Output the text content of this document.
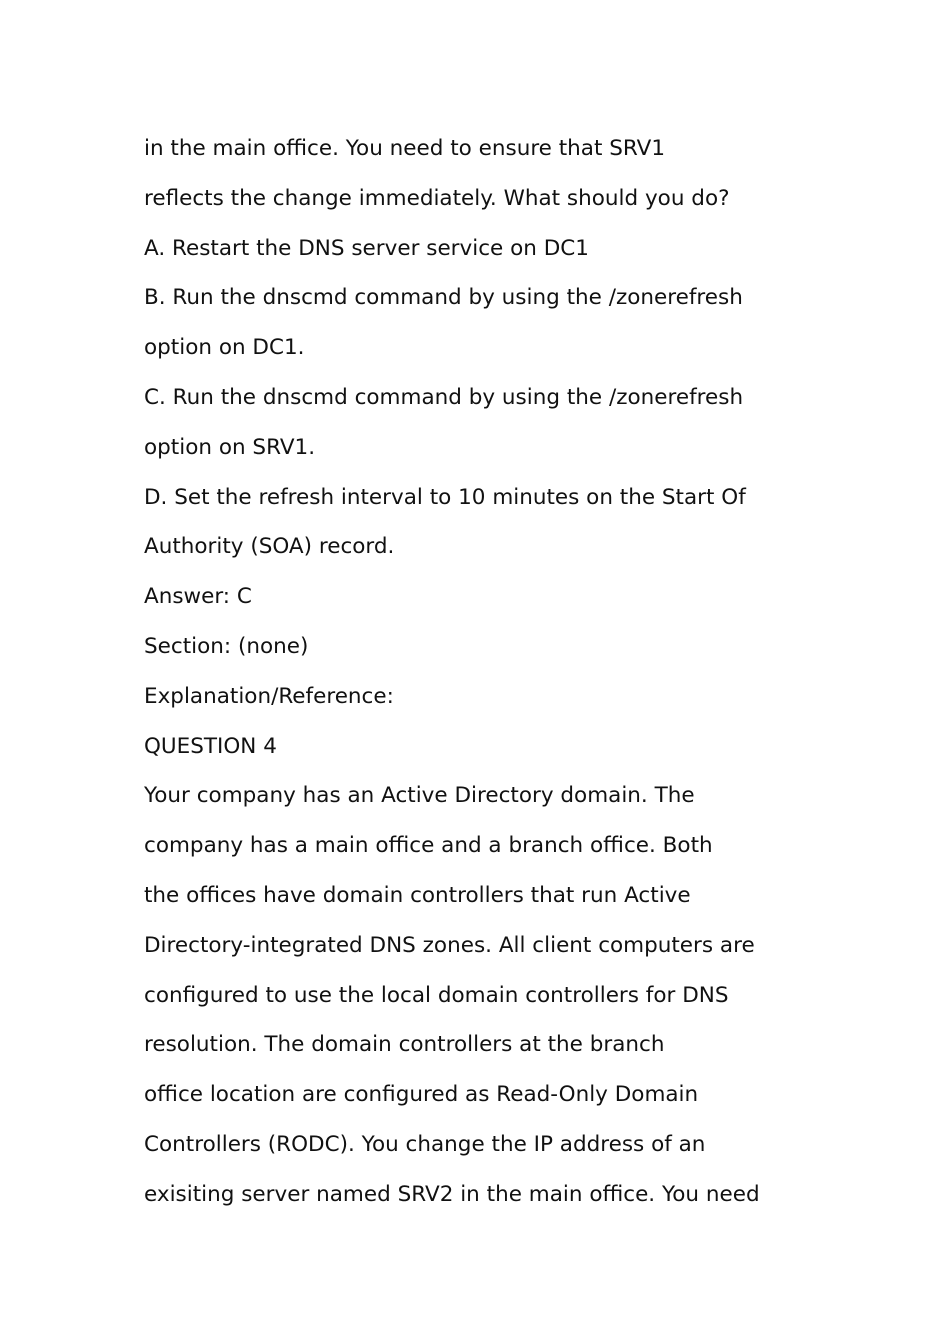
in the main office. You need to ensure that SRV1
reflects the change immediately. What should you do?
A. Restart the DNS server service on DC1
B. Run the dnscmd command by using the /zonerefresh
option on DC1.
C. Run the dnscmd command by using the /zonerefresh
option on SRV1.
D. Set the refresh interval to 10 minutes on the Start Of
Authority (SOA) record.
Answer: C
Section: (none)
Explanation/Reference:
QUESTION 4
Your company has an Active Directory domain. The
company has a main office and a branch office. Both
the offices have domain controllers that run Active
Directory-integrated DNS zones. All client computers are
configured to use the local domain controllers for DNS
resolution. The domain controllers at the branch
office location are configured as Read-Only Domain
Controllers (RODC). You change the IP address of an
exisiting server named SRV2 in the main office. You need
